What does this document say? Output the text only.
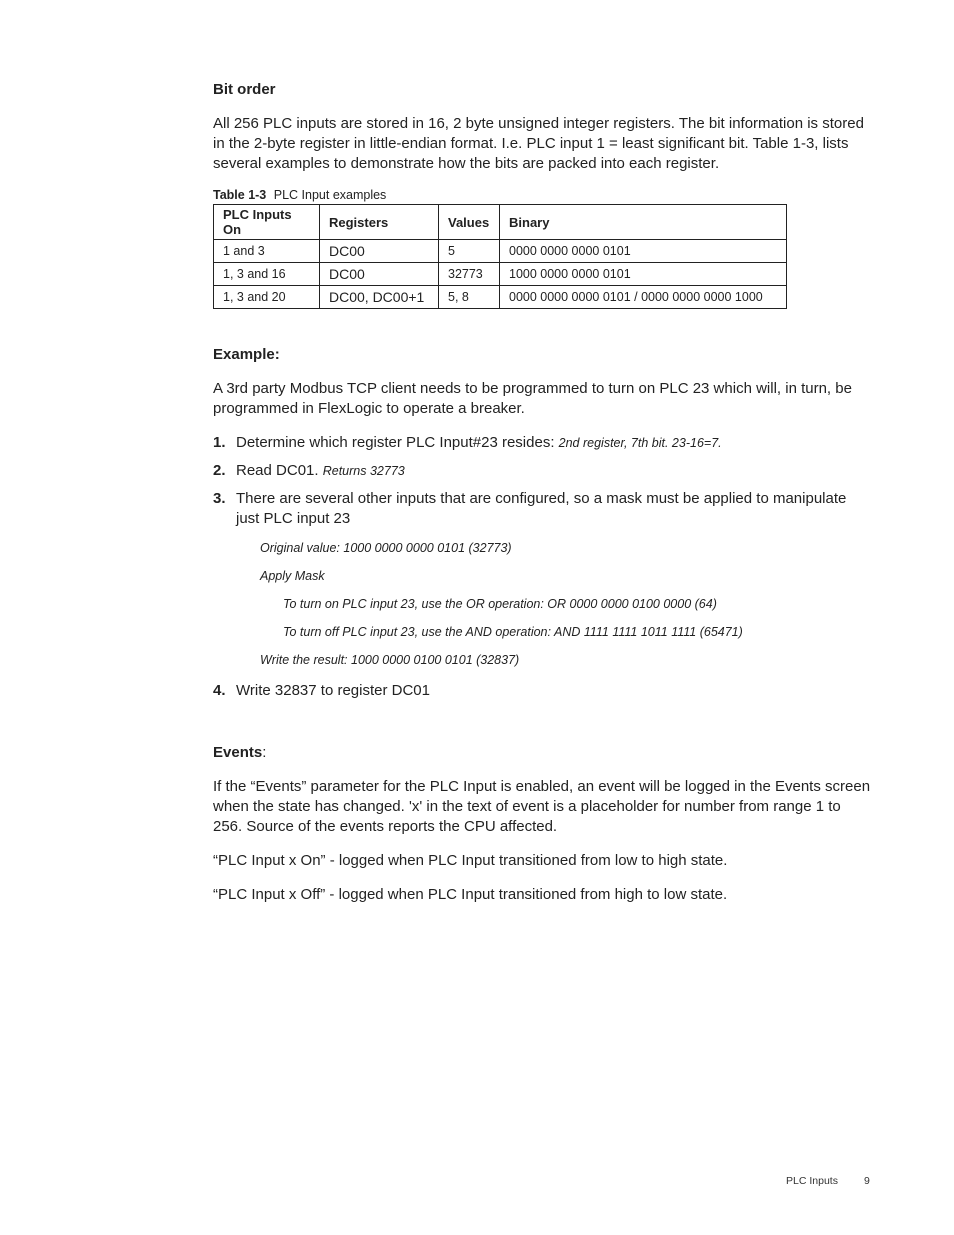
Bit order

All 256 PLC inputs are stored in 16, 2 byte unsigned integer registers. The bit information is stored in the 2-byte register in little-endian format. I.e. PLC input 1 = least significant bit. Table 1-3, lists several examples to demonstrate how the bits are packed into each register.

Table 1-3 PLC Input examples
PLC Inputs On	Registers	Values	Binary
1 and 3	DC00	5	0000 0000 0000 0101
1, 3 and 16	DC00	32773	1000 0000 0000 0101
1, 3 and 20	DC00, DC00+1	5, 8	0000 0000 0000 0101 / 0000 0000 0000 1000
Example:

A 3rd party Modbus TCP client needs to be programmed to turn on PLC 23 which will, in turn, be programmed in FlexLogic to operate a breaker.

1. Determine which register PLC Input#23 resides: 2nd register, 7th bit. 23-16=7.
2. Read DC01. Returns 32773
3. There are several other inputs that are configured, so a mask must be applied to manipulate just PLC input 23
Original value: 1000 0000 0000 0101 (32773)
Apply Mask
To turn on PLC input 23, use the OR operation: OR 0000 0000 0100 0000 (64)
To turn off PLC input 23, use the AND operation: AND 1111 1111 1011 1111 (65471)
Write the result: 1000 0000 0100 0101 (32837)
4. Write 32837 to register DC01
Events:

If the “Events” parameter for the PLC Input is enabled, an event will be logged in the Events screen when the state has changed. 'x' in the text of event is a placeholder for number from range 1 to 256. Source of the events reports the CPU affected.

“PLC Input x On” - logged when PLC Input transitioned from low to high state.

“PLC Input x Off” - logged when PLC Input transitioned from high to low state.

PLC Inputs 9
